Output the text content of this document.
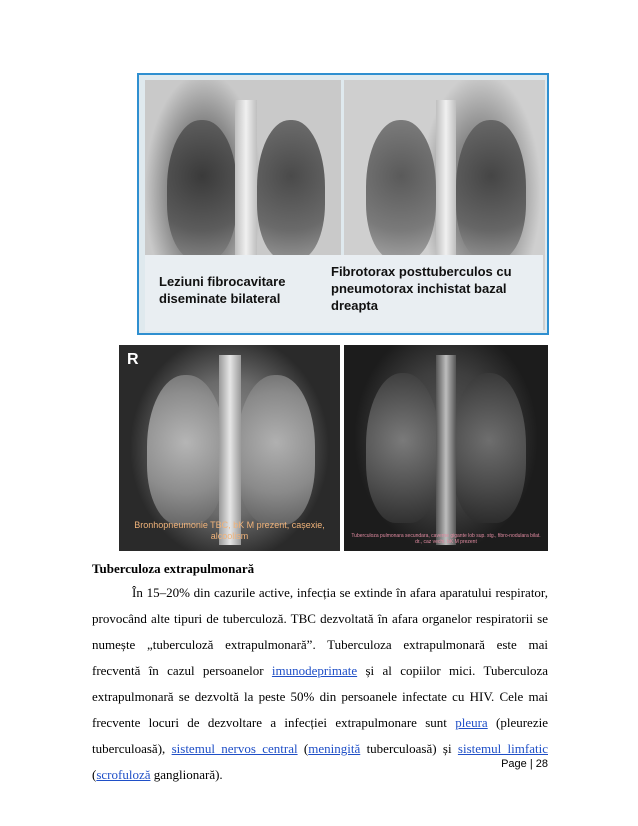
Leziuni fibrocavitare diseminate bilateral
Fibrotorax posttuberculos cu pneumotorax inchistat bazal dreapta
R
Bronhopneumonie TBC, bK M prezent, cașexie, alcoolism	Tuberculoza pulmonara secundara, caverne gigante lob sup. stg., fibro-nodulara bilat. dr., caz vechi, bK M prezent
Tuberculoza extrapulmonară
În 15–20% din cazurile active, infecția se extinde în afara aparatului respirator, provocând alte tipuri de tuberculoză. TBC dezvoltată în afara organelor respiratorii se numește „tuberculoză extrapulmonară”. Tuberculoza extrapulmonară este mai frecventă în cazul persoanelor imunodeprimate și al copiilor mici. Tuberculoza extrapulmonară se dezvoltă la peste 50% din persoanele infectate cu HIV. Cele mai frecvente locuri de dezvoltare a infecției extrapulmonare sunt pleura (pleurezie tuberculoasă), sistemul nervos central (meningită tuberculoasă) și sistemul limfatic (scrofuloză ganglionară).
Page | 28
